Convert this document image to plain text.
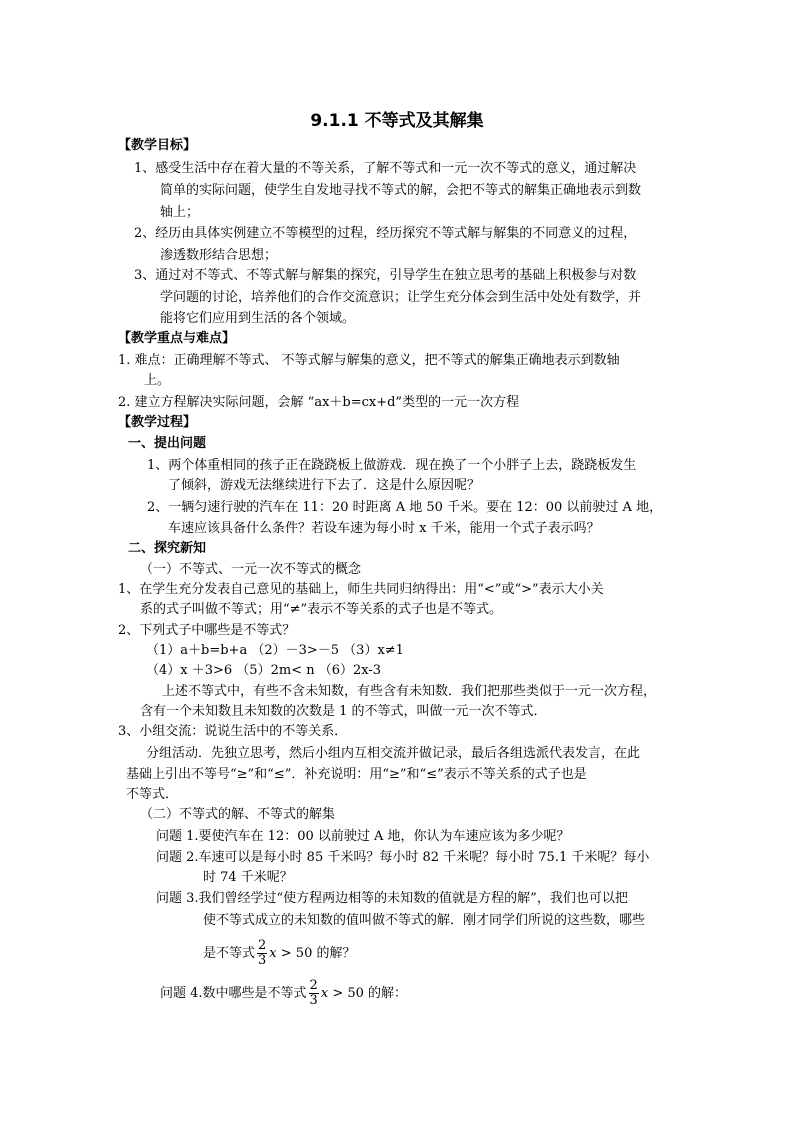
9.1.1 不等式及其解集
【教学目标】
1、感受生活中存在着大量的不等关系，了解不等式和一元一次不等式的意义，通过解决
简单的实际问题，使学生自发地寻找不等式的解，会把不等式的解集正确地表示到数
轴上；
2、经历由具体实例建立不等模型的过程，经历探究不等式解与解集的不同意义的过程，
渗透数形结合思想；
3、通过对不等式、不等式解与解集的探究，引导学生在独立思考的基础上积极参与对数
学问题的讨论，培养他们的合作交流意识；让学生充分体会到生活中处处有数学，并
能将它们应用到生活的各个领域。
【教学重点与难点】
1. 难点：正确理解不等式、 不等式解与解集的意义，把不等式的解集正确地表示到数轴
上。
2. 建立方程解决实际问题，会解 “ax＋b=cx+d”类型的一元一次方程
【教学过程】
一、提出问题
1、两个体重相同的孩子正在跷跷板上做游戏．现在换了一个小胖子上去，跷跷板发生
了倾斜，游戏无法继续进行下去了．这是什么原因呢？
2、一辆匀速行驶的汽车在 11：20 时距离 A 地 50 千米。要在 12：00 以前驶过 A 地，
车速应该具备什么条件？若设车速为每小时 x 千米，能用一个式子表示吗？
二、探究新知
（一）不等式、一元一次不等式的概念
1、在学生充分发表自己意见的基础上，师生共同归纳得出：用“<”或“>”表示大小关
系的式子叫做不等式；用“≠”表示不等关系的式子也是不等式。
2、下列式子中哪些是不等式？
（1）a＋b=b+a （2）－3>－5 （3）x≠1
（4）x ＋3>6 （5）2m< n （6）2x-3
上述不等式中，有些不含未知数，有些含有未知数．我们把那些类似于一元一次方程，
含有一个未知数且未知数的次数是 1 的不等式，叫做一元一次不等式．
3、小组交流：说说生活中的不等关系．
分组活动．先独立思考，然后小组内互相交流并做记录，最后各组选派代表发言，在此
基础上引出不等号“≥”和“≤”．补充说明：用“≥”和“≤”表示不等关系的式子也是
不等式．
（二）不等式的解、不等式的解集
问题 1.要使汽车在 12：00 以前驶过 A 地，你认为车速应该为多少呢？
问题 2.车速可以是每小时 85 千米吗？每小时 82 千米呢？每小时 75.1 千米呢？每小
时 74 千米呢？
问题 3.我们曾经学过“使方程两边相等的未知数的值就是方程的解”，我们也可以把
使不等式成立的未知数的值叫做不等式的解．刚才同学们所说的这些数，哪些
是不等式 $\frac{2}{3}$ x > 50 的解？
问题 4.数中哪些是不等式 $\frac{2}{3}$ x > 50 的解：
